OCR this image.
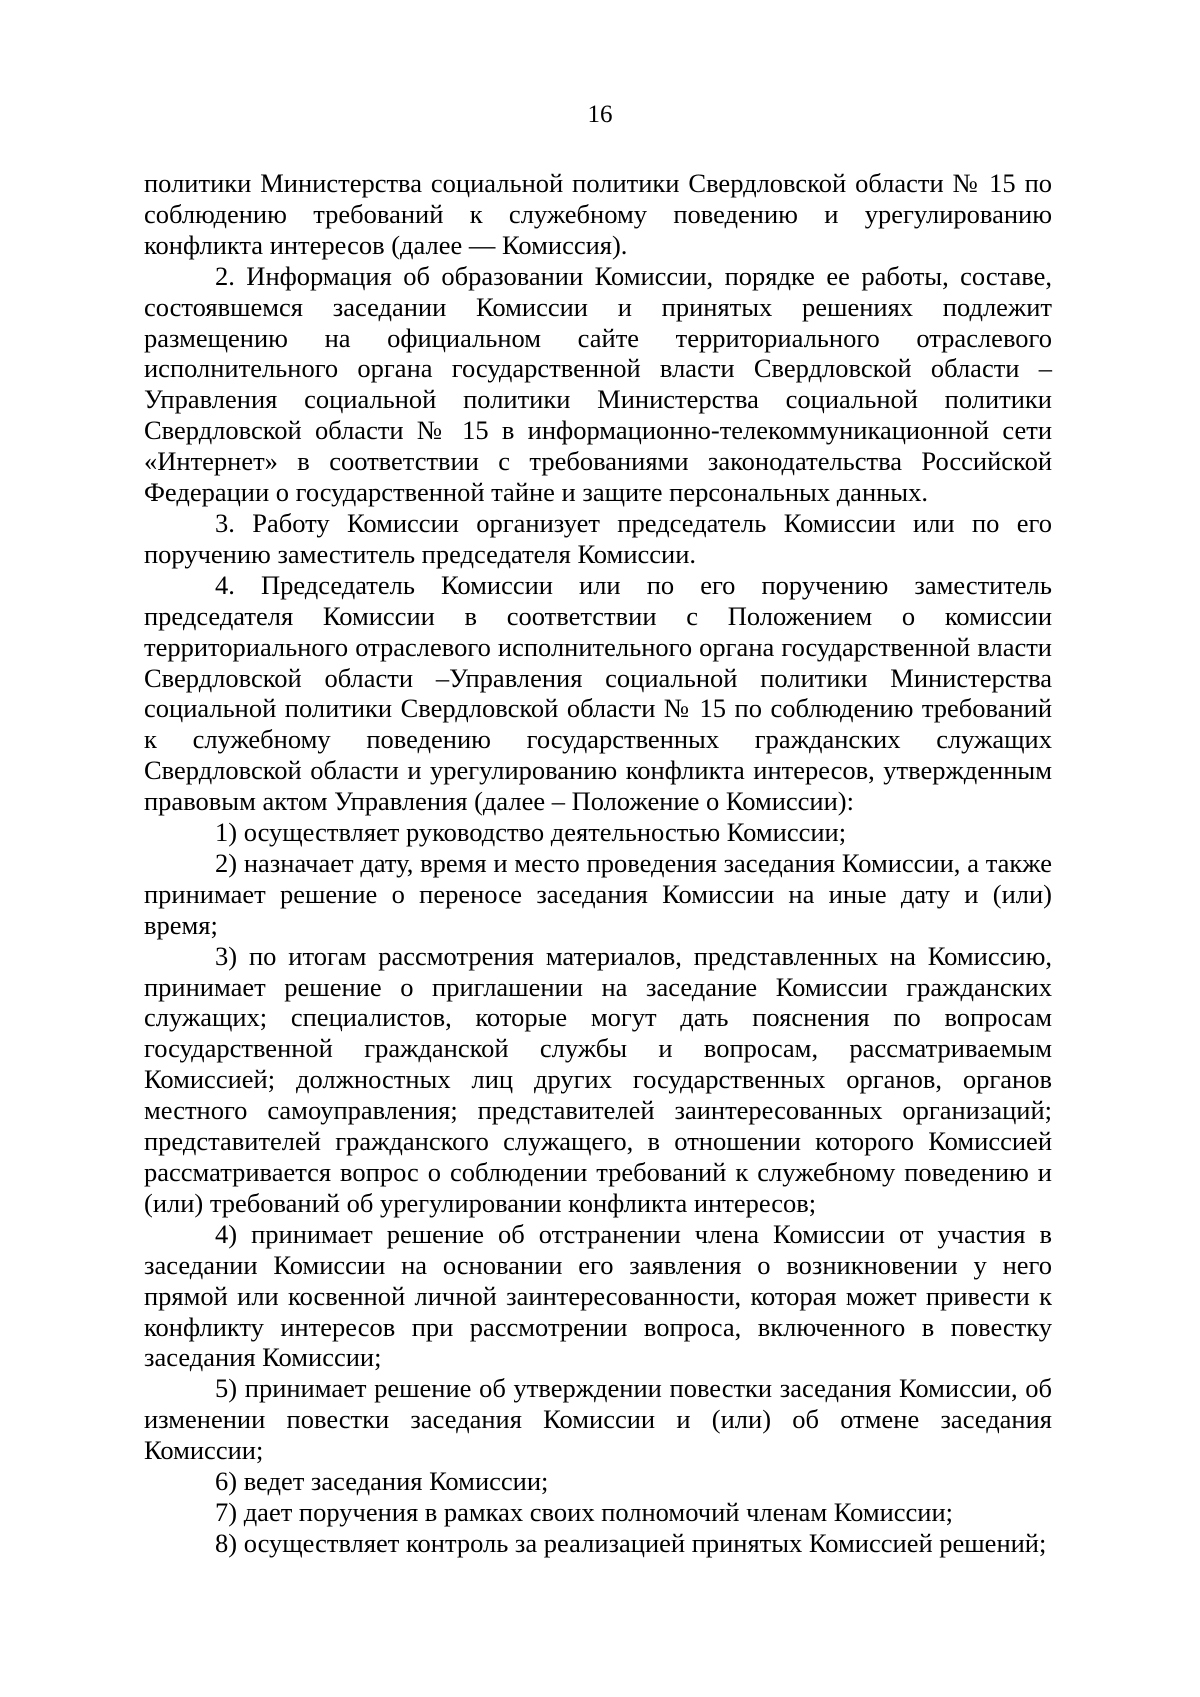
16

политики Министерства социальной политики Свердловской области № 15 по соблюдению требований к служебному поведению и урегулированию конфликта интересов (далее — Комиссия).

2. Информация об образовании Комиссии, порядке ее работы, составе, состоявшемся заседании Комиссии и принятых решениях подлежит размещению на официальном сайте территориального отраслевого исполнительного органа государственной власти Свердловской области – Управления социальной политики Министерства социальной политики Свердловской области № 15 в информационно-телекоммуникационной сети «Интернет» в соответствии с требованиями законодательства Российской Федерации о государственной тайне и защите персональных данных.

3. Работу Комиссии организует председатель Комиссии или по его поручению заместитель председателя Комиссии.

4. Председатель Комиссии или по его поручению заместитель председателя Комиссии в соответствии с Положением о комиссии территориального отраслевого исполнительного органа государственной власти Свердловской области –Управления социальной политики Министерства социальной политики Свердловской области № 15 по соблюдению требований к служебному поведению государственных гражданских служащих Свердловской области и урегулированию конфликта интересов, утвержденным правовым актом Управления (далее – Положение о Комиссии):

1) осуществляет руководство деятельностью Комиссии;

2) назначает дату, время и место проведения заседания Комиссии, а также принимает решение о переносе заседания Комиссии на иные дату и (или) время;

3) по итогам рассмотрения материалов, представленных на Комиссию, принимает решение о приглашении на заседание Комиссии гражданских служащих; специалистов, которые могут дать пояснения по вопросам государственной гражданской службы и вопросам, рассматриваемым Комиссией; должностных лиц других государственных органов, органов местного самоуправления; представителей заинтересованных организаций; представителей гражданского служащего, в отношении которого Комиссией рассматривается вопрос о соблюдении требований к служебному поведению и (или) требований об урегулировании конфликта интересов;

4) принимает решение об отстранении члена Комиссии от участия в заседании Комиссии на основании его заявления о возникновении у него прямой или косвенной личной заинтересованности, которая может привести к конфликту интересов при рассмотрении вопроса, включенного в повестку заседания Комиссии;

5) принимает решение об утверждении повестки заседания Комиссии, об изменении повестки заседания Комиссии и (или) об отмене заседания Комиссии;

6) ведет заседания Комиссии;

7) дает поручения в рамках своих полномочий членам Комиссии;

8) осуществляет контроль за реализацией принятых Комиссией решений;
